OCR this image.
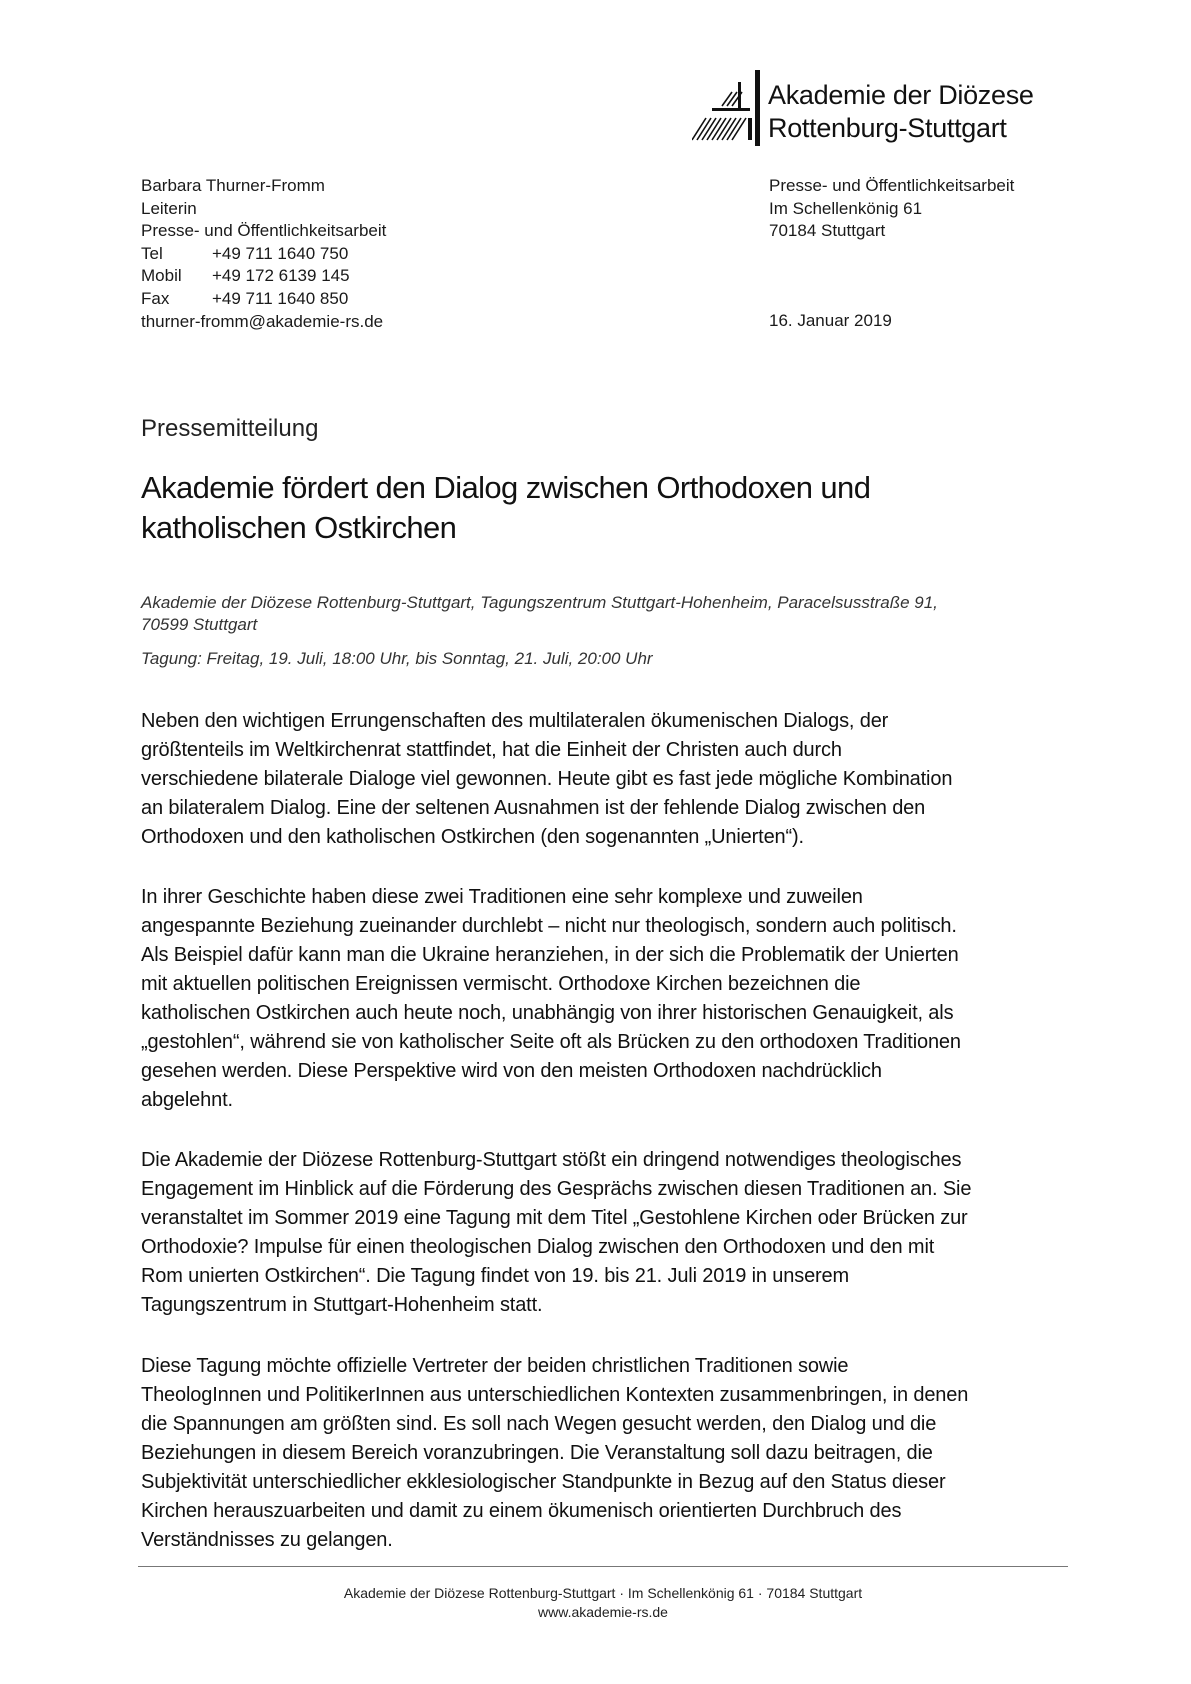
Akademie der Diözese
Rottenburg-Stuttgart
Barbara Thurner-Fromm
Leiterin
Presse- und Öffentlichkeitsarbeit
Tel	+49 711 1640 750
Mobil +49 172 6139 145
Fax	+49 711 1640 850
thurner-fromm@akademie-rs.de
Presse- und Öffentlichkeitsarbeit
Im Schellenkönig 61
70184 Stuttgart
16. Januar 2019
Pressemitteilung
Akademie fördert den Dialog zwischen Orthodoxen und
katholischen Ostkirchen
Akademie der Diözese Rottenburg-Stuttgart, Tagungszentrum Stuttgart-Hohenheim, Paracelsusstraße 91,
70599 Stuttgart
Tagung: Freitag, 19. Juli, 18:00 Uhr, bis Sonntag, 21. Juli, 20:00 Uhr
Neben den wichtigen Errungenschaften des multilateralen ökumenischen Dialogs, der
größtenteils im Weltkirchenrat stattfindet, hat die Einheit der Christen auch durch
verschiedene bilaterale Dialoge viel gewonnen. Heute gibt es fast jede mögliche Kombination
an bilateralem Dialog. Eine der seltenen Ausnahmen ist der fehlende Dialog zwischen den
Orthodoxen und den katholischen Ostkirchen (den sogenannten „Unierten“).
In ihrer Geschichte haben diese zwei Traditionen eine sehr komplexe und zuweilen
angespannte Beziehung zueinander durchlebt – nicht nur theologisch, sondern auch politisch.
Als Beispiel dafür kann man die Ukraine heranziehen, in der sich die Problematik der Unierten
mit aktuellen politischen Ereignissen vermischt. Orthodoxe Kirchen bezeichnen die
katholischen Ostkirchen auch heute noch, unabhängig von ihrer historischen Genauigkeit, als
„gestohlen“, während sie von katholischer Seite oft als Brücken zu den orthodoxen Traditionen
gesehen werden. Diese Perspektive wird von den meisten Orthodoxen nachdrücklich
abgelehnt.
Die Akademie der Diözese Rottenburg-Stuttgart stößt ein dringend notwendiges theologisches
Engagement im Hinblick auf die Förderung des Gesprächs zwischen diesen Traditionen an. Sie
veranstaltet im Sommer 2019 eine Tagung mit dem Titel „Gestohlene Kirchen oder Brücken zur
Orthodoxie? Impulse für einen theologischen Dialog zwischen den Orthodoxen und den mit
Rom unierten Ostkirchen“. Die Tagung findet von 19. bis 21. Juli 2019 in unserem
Tagungszentrum in Stuttgart-Hohenheim statt.
Diese Tagung möchte offizielle Vertreter der beiden christlichen Traditionen sowie
TheologInnen und PolitikerInnen aus unterschiedlichen Kontexten zusammenbringen, in denen
die Spannungen am größten sind. Es soll nach Wegen gesucht werden, den Dialog und die
Beziehungen in diesem Bereich voranzubringen. Die Veranstaltung soll dazu beitragen, die
Subjektivität unterschiedlicher ekklesiologischer Standpunkte in Bezug auf den Status dieser
Kirchen herauszuarbeiten und damit zu einem ökumenisch orientierten Durchbruch des
Verständnisses zu gelangen.
Akademie der Diözese Rottenburg-Stuttgart · Im Schellenkönig 61 · 70184 Stuttgart
www.akademie-rs.de
